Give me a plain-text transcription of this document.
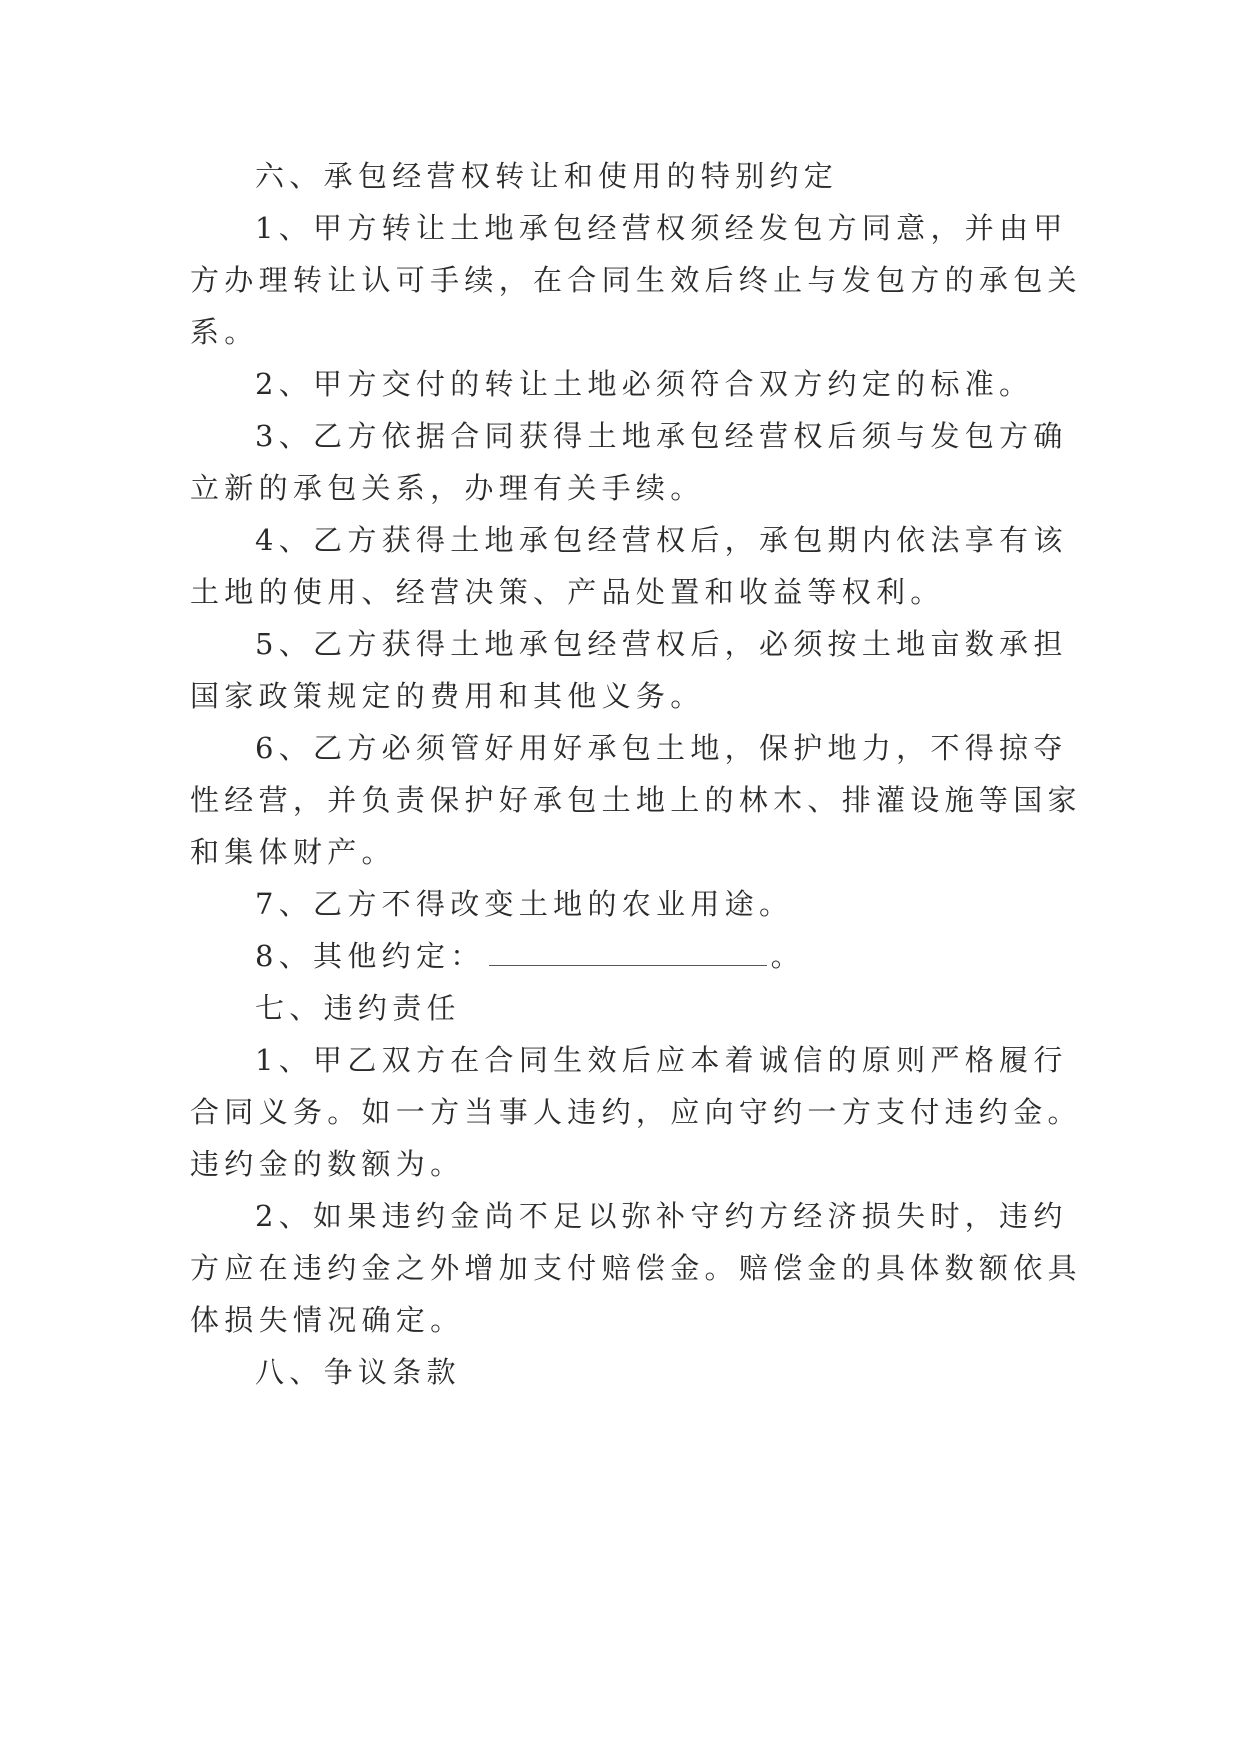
六、承包经营权转让和使用的特别约定
1、甲方转让土地承包经营权须经发包方同意，并由甲
方办理转让认可手续，在合同生效后终止与发包方的承包关
系。
2、甲方交付的转让土地必须符合双方约定的标准。
3、乙方依据合同获得土地承包经营权后须与发包方确
立新的承包关系，办理有关手续。
4、乙方获得土地承包经营权后，承包期内依法享有该
土地的使用、经营决策、产品处置和收益等权利。
5、乙方获得土地承包经营权后，必须按土地亩数承担
国家政策规定的费用和其他义务。
6、乙方必须管好用好承包土地，保护地力，不得掠夺
性经营，并负责保护好承包土地上的林木、排灌设施等国家
和集体财产。
7、乙方不得改变土地的农业用途。
8、其他约定：	。
七、违约责任
1、甲乙双方在合同生效后应本着诚信的原则严格履行
合同义务。如一方当事人违约，应向守约一方支付违约金。
违约金的数额为。
2、如果违约金尚不足以弥补守约方经济损失时，违约
方应在违约金之外增加支付赔偿金。赔偿金的具体数额依具
体损失情况确定。
八、争议条款
